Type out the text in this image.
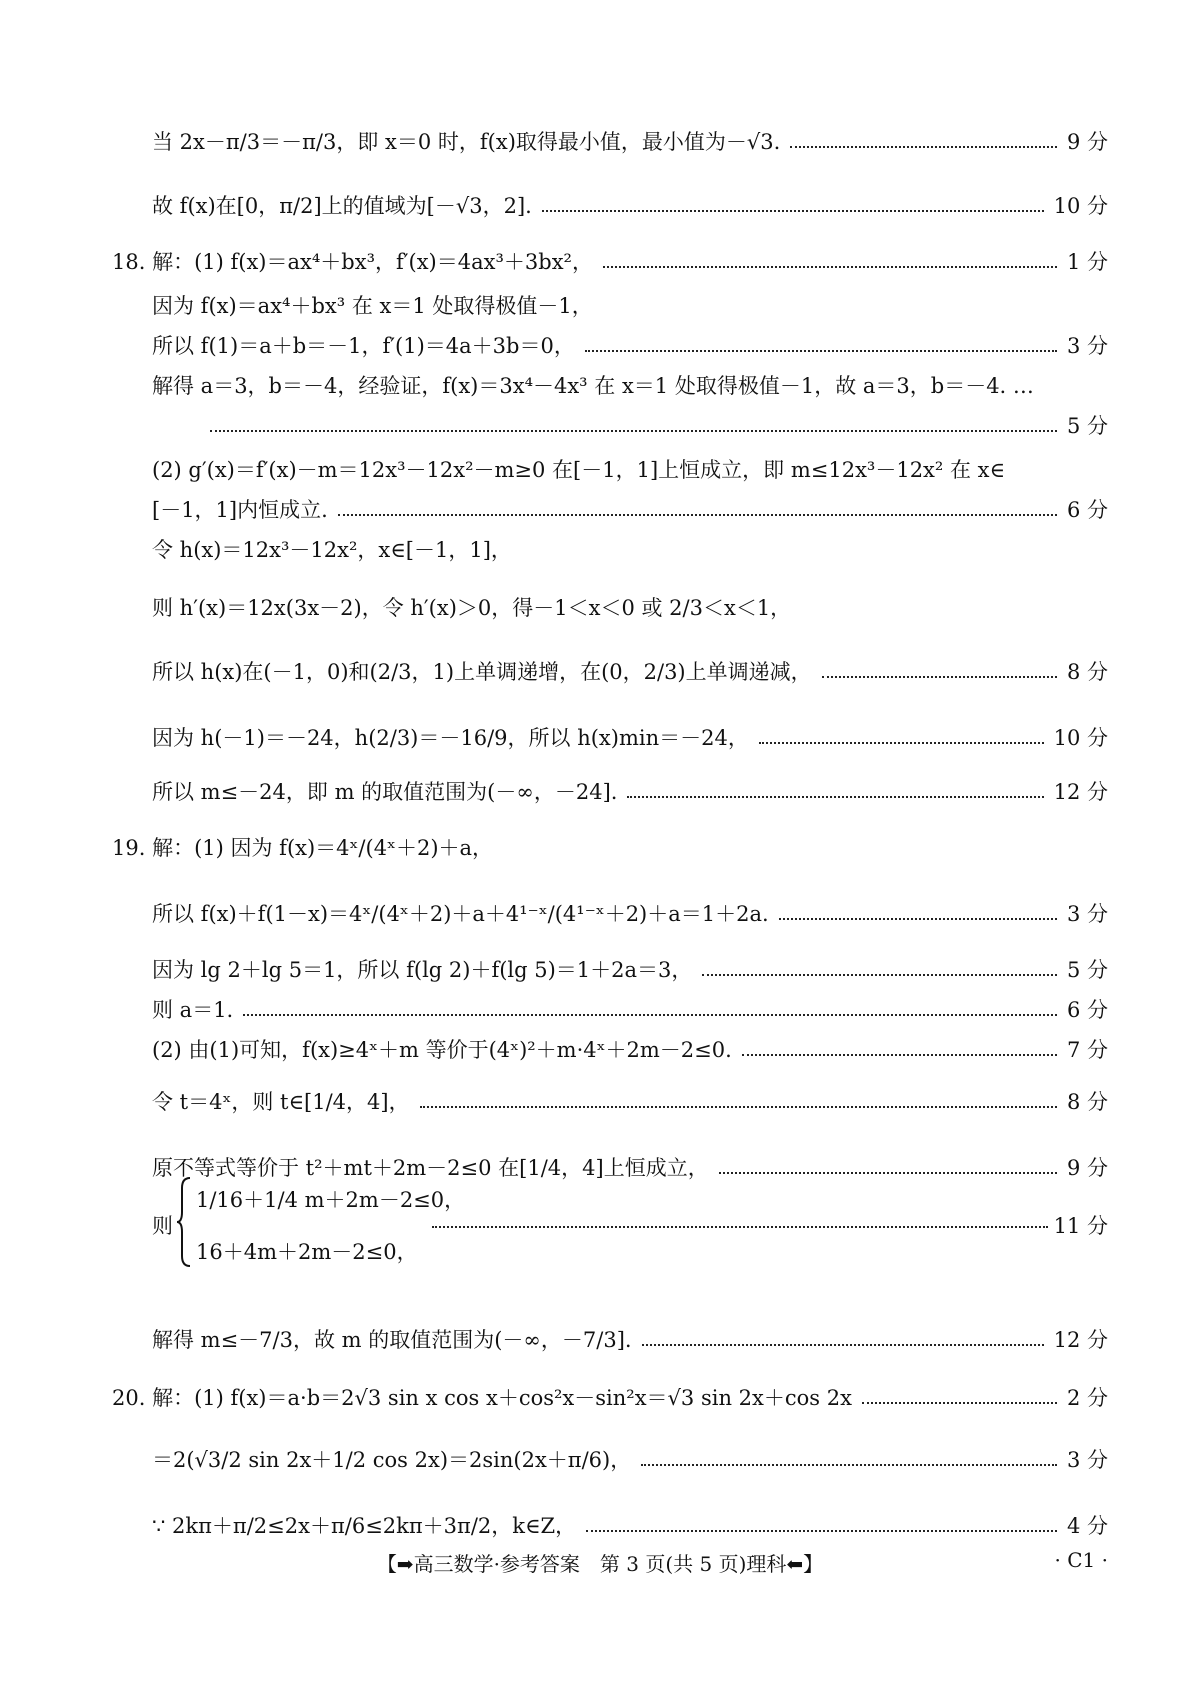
当 2x－π/3＝－π/3，即 x＝0 时，f(x)取得最小值，最小值为－√3.	9 分
故 f(x)在[0，π/2]上的值域为[－√3，2].	10 分
18. 解：(1) f(x)＝ax⁴＋bx³，f′(x)＝4ax³＋3bx²，	1 分
因为 f(x)＝ax⁴＋bx³ 在 x＝1 处取得极值－1，
所以 f(1)＝a＋b＝－1，f′(1)＝4a＋3b＝0，	3 分
解得 a＝3，b＝－4，经验证，f(x)＝3x⁴－4x³ 在 x＝1 处取得极值－1，故 a＝3，b＝－4. …
5 分
(2) g′(x)＝f′(x)－m＝12x³－12x²－m≥0 在[－1，1]上恒成立，即 m≤12x³－12x² 在 x∈
[－1，1]内恒成立.	6 分
令 h(x)＝12x³－12x²，x∈[－1，1]，
则 h′(x)＝12x(3x－2)，令 h′(x)＞0，得－1＜x＜0 或 2/3＜x＜1，
所以 h(x)在(－1，0)和(2/3，1)上单调递增，在(0，2/3)上单调递减，	8 分
因为 h(－1)＝－24，h(2/3)＝－16/9，所以 h(x)min＝－24，	10 分
所以 m≤－24，即 m 的取值范围为(－∞，－24].	12 分
19. 解：(1) 因为 f(x)＝4ˣ/(4ˣ＋2)＋a，
所以 f(x)＋f(1－x)＝4ˣ/(4ˣ＋2)＋a＋4¹⁻ˣ/(4¹⁻ˣ＋2)＋a＝1＋2a.	3 分
因为 lg 2＋lg 5＝1，所以 f(lg 2)＋f(lg 5)＝1＋2a＝3，	5 分
则 a＝1.	6 分
(2) 由(1)可知，f(x)≥4ˣ＋m 等价于(4ˣ)²＋m·4ˣ＋2m－2≤0.	7 分
令 t＝4ˣ，则 t∈[1/4，4]，	8 分
原不等式等价于 t²＋mt＋2m－2≤0 在[1/4，4]上恒成立，	9 分
解得 m≤－7/3，故 m 的取值范围为(－∞，－7/3].	12 分
20. 解：(1) f(x)＝a·b＝2√3 sin x cos x＋cos²x－sin²x＝√3 sin 2x＋cos 2x	2 分
＝2(√3/2 sin 2x＋1/2 cos 2x)＝2sin(2x＋π/6)，	3 分
∵ 2kπ＋π/2≤2x＋π/6≤2kπ＋3π/2，k∈Z，	4 分
则
1/16＋1/4 m＋2m－2≤0，
16＋4m＋2m－2≤0，
11 分
【➡高三数学·参考答案　第 3 页(共 5 页)理科⬅】	· C1 ·
